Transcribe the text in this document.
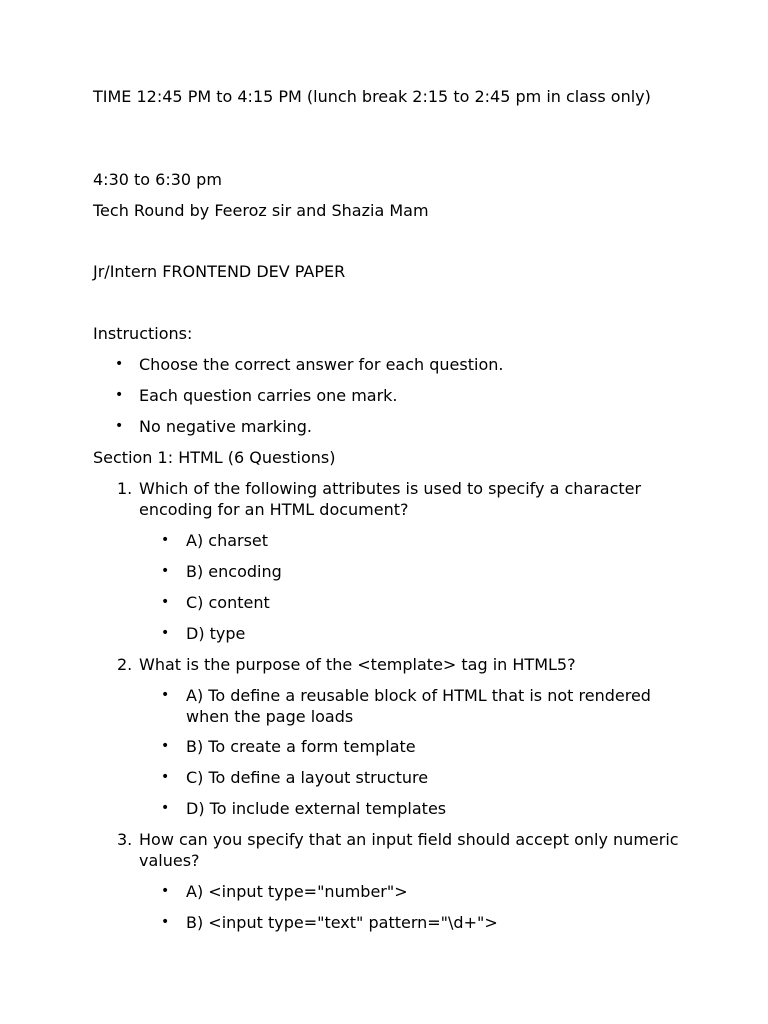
TIME 12:45 PM to 4:15 PM (lunch break 2:15 to 2:45 pm in class only)

4:30 to 6:30 pm

Tech Round by Feeroz sir and Shazia Mam

Jr/Intern FRONTEND DEV PAPER

Instructions:

• Choose the correct answer for each question.
• Each question carries one mark.
• No negative marking.

Section 1: HTML (6 Questions)

1. Which of the following attributes is used to specify a character encoding for an HTML document?
•	A) charset
•	B) encoding
•	C) content
•	D) type
2. What is the purpose of the <template> tag in HTML5?
•	A) To define a reusable block of HTML that is not rendered when the page loads
•	B) To create a form template
•	C) To define a layout structure
•	D) To include external templates
3. How can you specify that an input field should accept only numeric values?
•	A) <input type="number">
•	B) <input type="text" pattern="\d+">
